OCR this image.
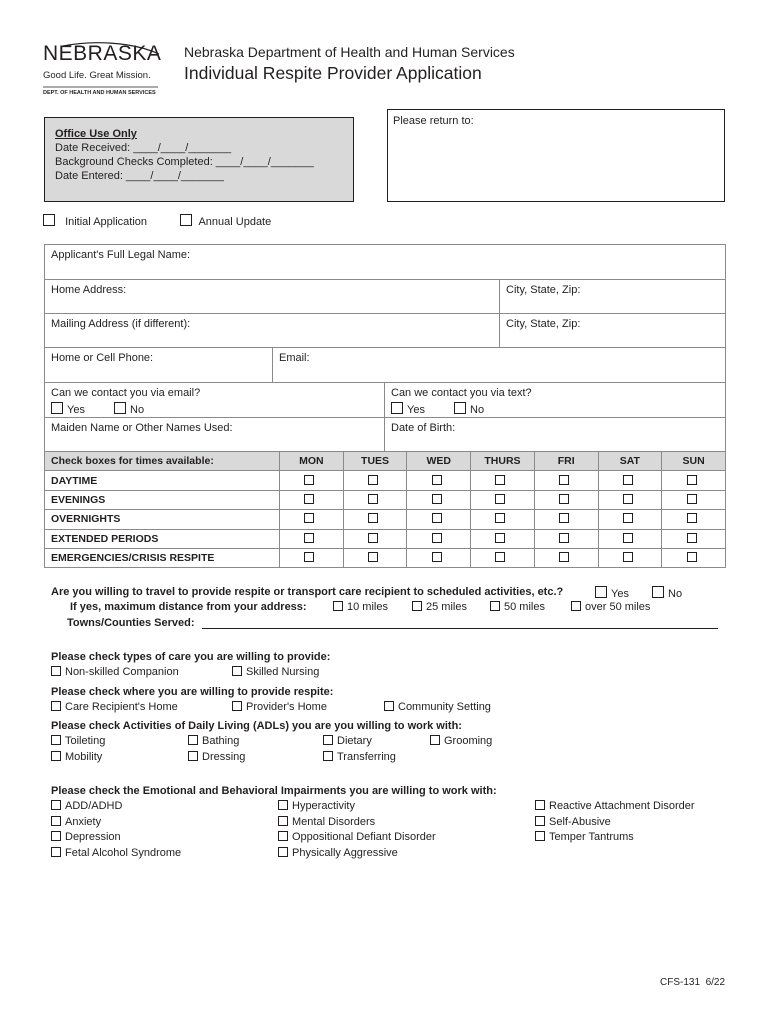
NEBRASKA
Good Life. Great Mission.
DEPT. OF HEALTH AND HUMAN SERVICES
Nebraska Department of Health and Human Services
Individual Respite Provider Application
Office Use Only
Date Received: ____/____/_______
Background Checks Completed: ____/____/_______
Date Entered: ____/____/_______
Please return to:
Initial Application	Annual Update
Applicant's Full Legal Name:
Home Address:	City, State, Zip:
Mailing Address (if different):	City, State, Zip:
Home or Cell Phone:	Email:
Can we contact you via email?
Yes	No
Can we contact you via text?
Yes	No
Maiden Name or Other Names Used:	Date of Birth:
Check boxes for times available:	MON	TUES	WED	THURS	FRI	SAT	SUN
DAYTIME							
EVENINGS							
OVERNIGHTS							
EXTENDED PERIODS							
EMERGENCIES/CRISIS RESPITE							
Are you willing to travel to provide respite or transport care recipient to scheduled activities, etc.?	Yes	No
If yes, maximum distance from your address:	10 miles	25 miles	50 miles	over 50 miles
Towns/Counties Served:
Please check types of care you are willing to provide:
Non-skilled Companion	Skilled Nursing
Please check where you are willing to provide respite:
Care Recipient's Home	Provider's Home	Community Setting
Please check Activities of Daily Living (ADLs) you are you willing to work with:
Toileting	Bathing	Dietary	Grooming
Mobility	Dressing	Transferring
Please check the Emotional and Behavioral Impairments you are willing to work with:
ADD/ADHD
Anxiety
Depression
Fetal Alcohol Syndrome
Hyperactivity
Mental Disorders
Oppositional Defiant Disorder
Physically Aggressive
Reactive Attachment Disorder
Self-Abusive
Temper Tantrums
CFS-131  6/22
